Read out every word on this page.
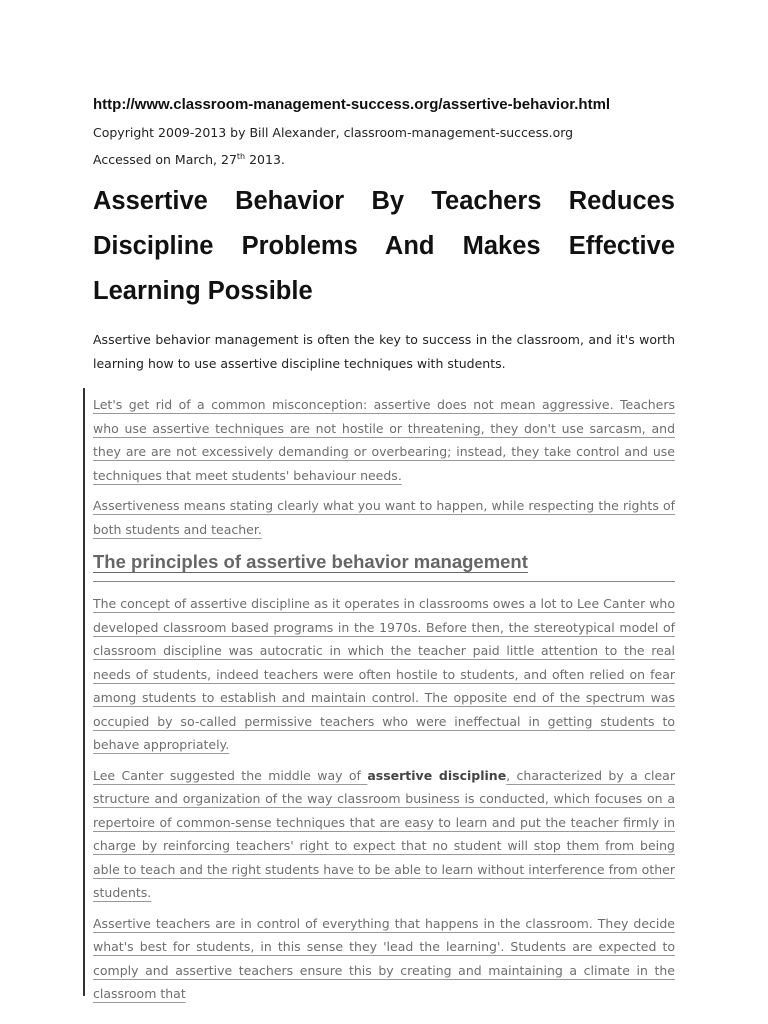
http://www.classroom-management-success.org/assertive-behavior.html
Copyright 2009-2013 by Bill Alexander, classroom-management-success.org
Accessed on March, 27th 2013.
Assertive Behavior By Teachers Reduces Discipline Problems And Makes Effective Learning Possible

Assertive behavior management is often the key to success in the classroom, and it's worth learning how to use assertive discipline techniques with students.

Let's get rid of a common misconception: assertive does not mean aggressive. Teachers who use assertive techniques are not hostile or threatening, they don't use sarcasm, and they are are not excessively demanding or overbearing; instead, they take control and use techniques that meet students' behaviour needs.

Assertiveness means stating clearly what you want to happen, while respecting the rights of both students and teacher.

The principles of assertive behavior management

The concept of assertive discipline as it operates in classrooms owes a lot to Lee Canter who developed classroom based programs in the 1970s. Before then, the stereotypical model of classroom discipline was autocratic in which the teacher paid little attention to the real needs of students, indeed teachers were often hostile to students, and often relied on fear among students to establish and maintain control. The opposite end of the spectrum was occupied by so-called permissive teachers who were ineffectual in getting students to behave appropriately.

Lee Canter suggested the middle way of assertive discipline, characterized by a clear structure and organization of the way classroom business is conducted, which focuses on a repertoire of common-sense techniques that are easy to learn and put the teacher firmly in charge by reinforcing teachers' right to expect that no student will stop them from being able to teach and the right students have to be able to learn without interference from other students.

Assertive teachers are in control of everything that happens in the classroom. They decide what's best for students, in this sense they 'lead the learning'. Students are expected to comply and assertive teachers ensure this by creating and maintaining a climate in the classroom that
